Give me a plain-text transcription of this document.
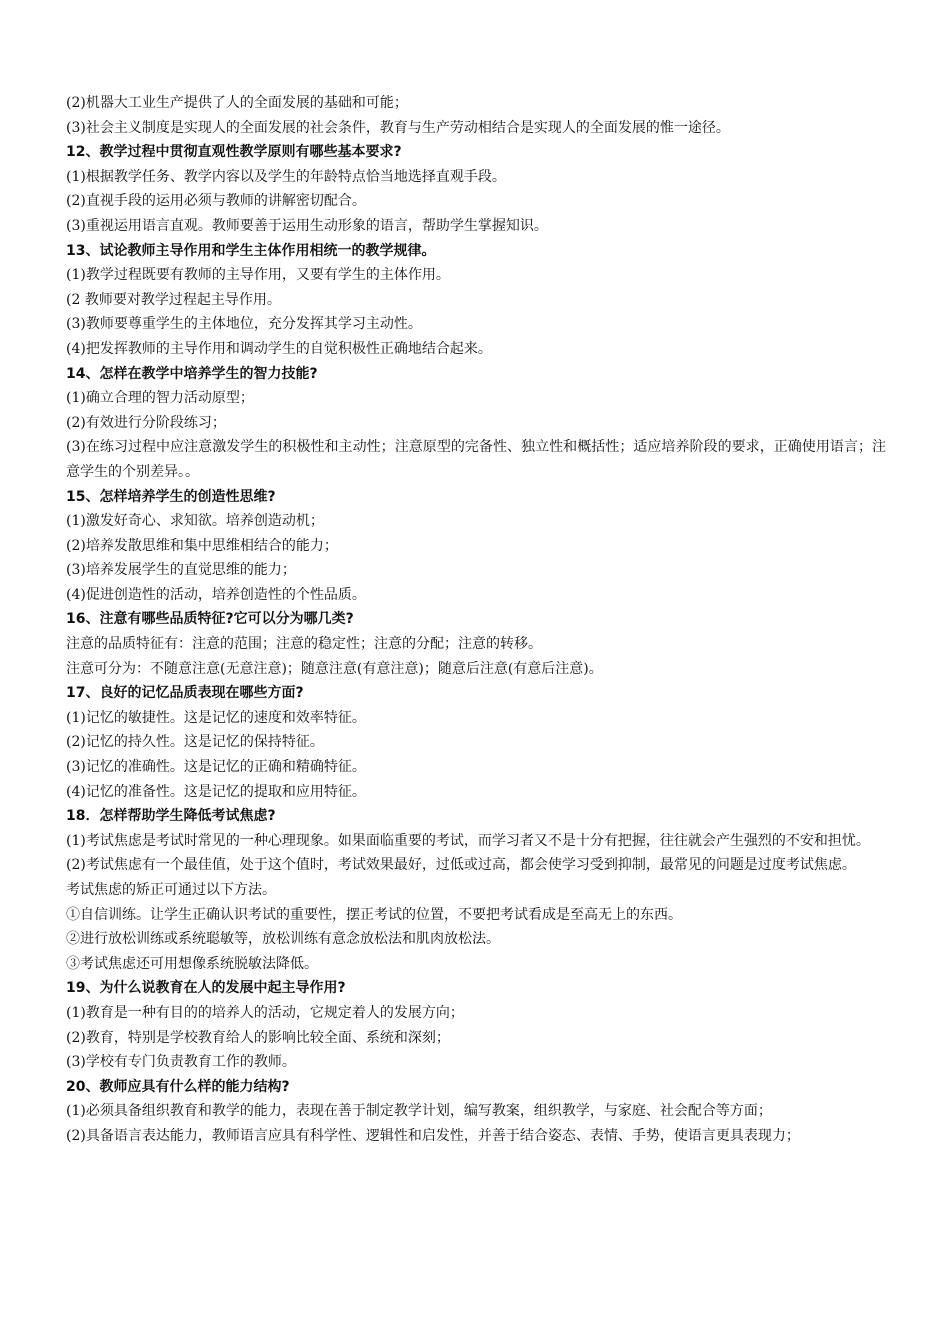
(2)机器大工业生产提供了人的全面发展的基础和可能；

(3)社会主义制度是实现人的全面发展的社会条件，教育与生产劳动相结合是实现人的全面发展的惟一途径。

12、教学过程中贯彻直观性教学原则有哪些基本要求?

(1)根据教学任务、教学内容以及学生的年龄特点恰当地选择直观手段。

(2)直视手段的运用必须与教师的讲解密切配合。

(3)重视运用语言直观。教师要善于运用生动形象的语言，帮助学生掌握知识。

13、试论教师主导作用和学生主体作用相统一的教学规律。

(1)教学过程既要有教师的主导作用，又要有学生的主体作用。

(2 教师要对教学过程起主导作用。

(3)教师要尊重学生的主体地位，充分发挥其学习主动性。

(4)把发挥教师的主导作用和调动学生的自觉积极性正确地结合起来。

14、怎样在教学中培养学生的智力技能?

(1)确立合理的智力活动原型；

(2)有效进行分阶段练习；

(3)在练习过程中应注意激发学生的积极性和主动性；注意原型的完备性、独立性和概括性；适应培养阶段的要求，正确使用语言；注意学生的个别差异。。

15、怎样培养学生的创造性思维?

(1)激发好奇心、求知欲。培养创造动机；

(2)培养发散思维和集中思维相结合的能力；

(3)培养发展学生的直觉思维的能力；

(4)促进创造性的活动，培养创造性的个性品质。

16、注意有哪些品质特征?它可以分为哪几类?

注意的品质特征有：注意的范围；注意的稳定性；注意的分配；注意的转移。

注意可分为：不随意注意(无意注意)；随意注意(有意注意)；随意后注意(有意后注意)。

17、良好的记忆品质表现在哪些方面?

(1)记忆的敏捷性。这是记忆的速度和效率特征。

(2)记忆的持久性。这是记忆的保持特征。

(3)记忆的准确性。这是记忆的正确和精确特征。

(4)记忆的准备性。这是记忆的提取和应用特征。

18．怎样帮助学生降低考试焦虑?

(1)考试焦虑是考试时常见的一种心理现象。如果面临重要的考试，而学习者又不是十分有把握，往往就会产生强烈的不安和担忧。

(2)考试焦虑有一个最佳值，处于这个值时，考试效果最好，过低或过高，都会使学习受到抑制，最常见的问题是过度考试焦虑。

考试焦虑的矫正可通过以下方法。

①自信训练。让学生正确认识考试的重要性，摆正考试的位置，不要把考试看成是至高无上的东西。

②进行放松训练或系统聪敏等，放松训练有意念放松法和肌肉放松法。

③考试焦虑还可用想像系统脱敏法降低。

19、为什么说教育在人的发展中起主导作用?

(1)教育是一种有目的的培养人的活动，它规定着人的发展方向；

(2)教育，特别是学校教育给人的影响比较全面、系统和深刻；

(3)学校有专门负责教育工作的教师。

20、教师应具有什么样的能力结构?

(1)必须具备组织教育和教学的能力，表现在善于制定教学计划，编写教案，组织教学，与家庭、社会配合等方面；

(2)具备语言表达能力，教师语言应具有科学性、逻辑性和启发性，并善于结合姿态、表情、手势，使语言更具表现力；
